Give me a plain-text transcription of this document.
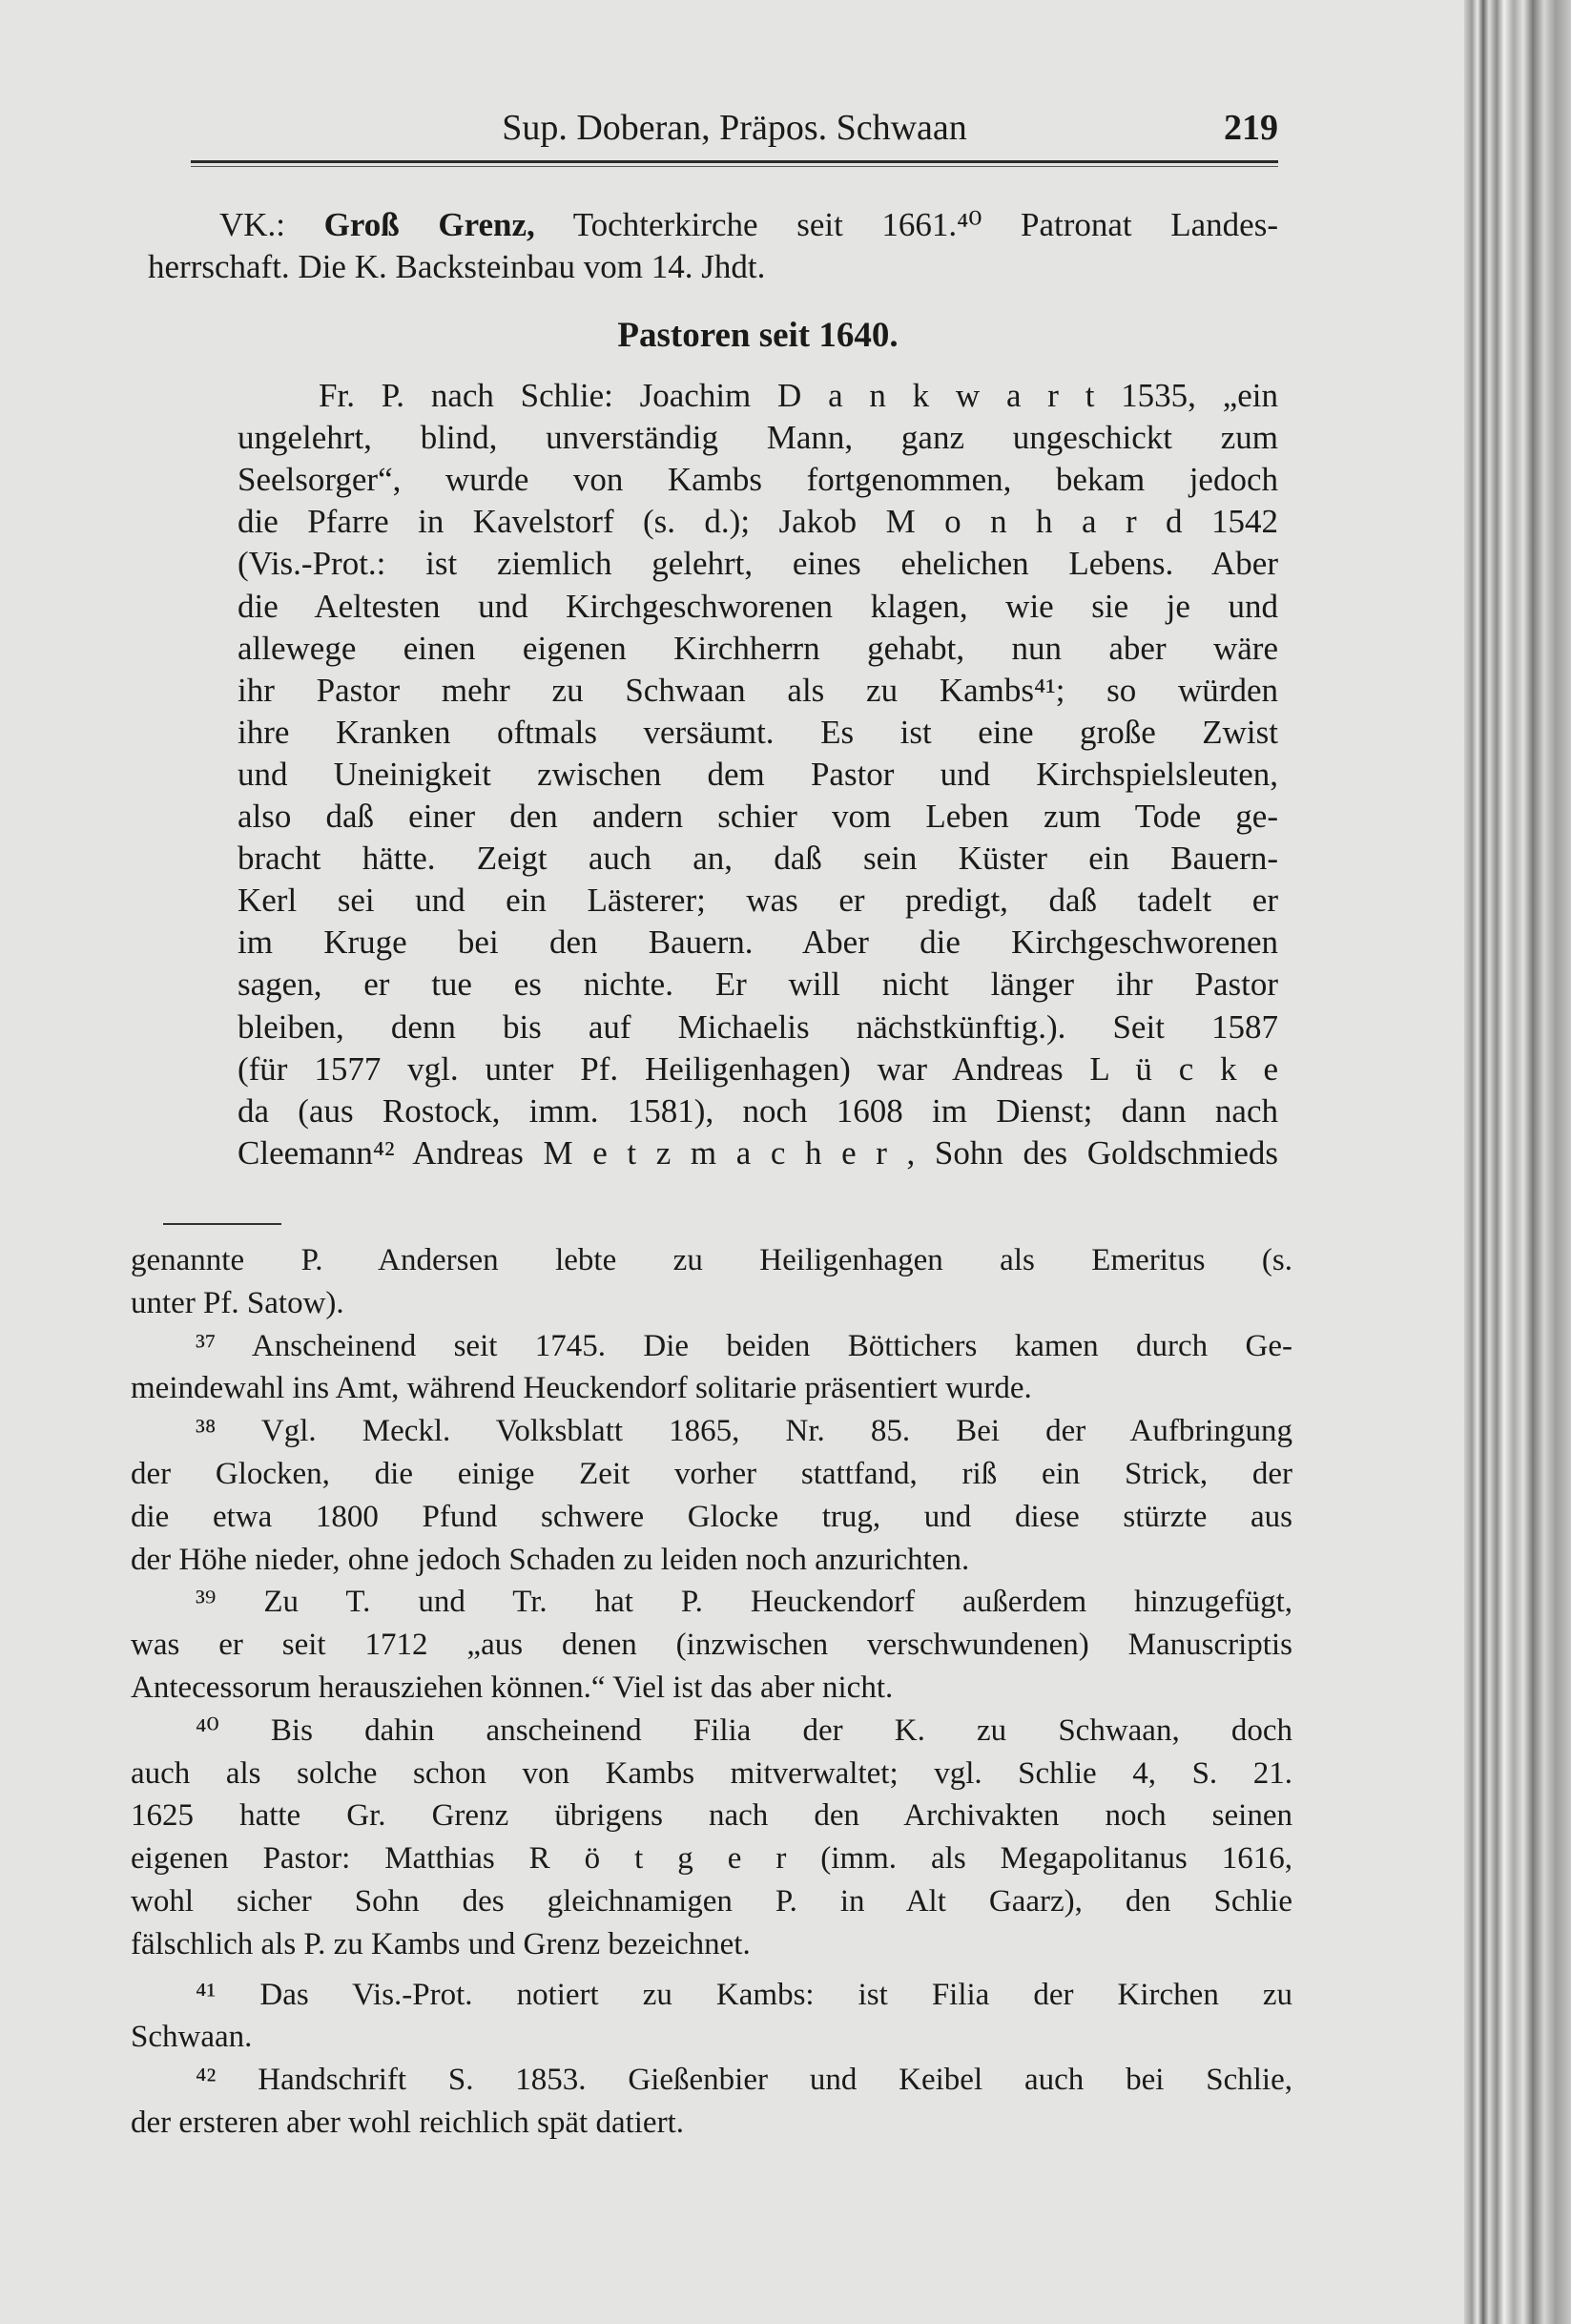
Sup. Doberan, Präpos. Schwaan	219
VK.: Groß Grenz, Tochterkirche seit 1661.⁴⁰ Patronat Landes-
herrschaft. Die K. Backsteinbau vom 14. Jhdt.
Pastoren seit 1640.
Fr. P. nach Schlie: Joachim D a n k w a r t 1535, „ein
ungelehrt, blind, unverständig Mann, ganz ungeschickt zum
Seelsorger“, wurde von Kambs fortgenommen, bekam jedoch
die Pfarre in Kavelstorf (s. d.); Jakob M o n h a r d 1542
(Vis.-Prot.: ist ziemlich gelehrt, eines ehelichen Lebens. Aber
die Aeltesten und Kirchgeschworenen klagen, wie sie je und
allewege einen eigenen Kirchherrn gehabt, nun aber wäre
ihr Pastor mehr zu Schwaan als zu Kambs⁴¹; so würden
ihre Kranken oftmals versäumt. Es ist eine große Zwist
und Uneinigkeit zwischen dem Pastor und Kirchspielsleuten,
also daß einer den andern schier vom Leben zum Tode ge-
bracht hätte. Zeigt auch an, daß sein Küster ein Bauern-
Kerl sei und ein Lästerer; was er predigt, daß tadelt er
im Kruge bei den Bauern. Aber die Kirchgeschworenen
sagen, er tue es nichte. Er will nicht länger ihr Pastor
bleiben, denn bis auf Michaelis nächstkünftig.). Seit 1587
(für 1577 vgl. unter Pf. Heiligenhagen) war Andreas L ü c k e
da (aus Rostock, imm. 1581), noch 1608 im Dienst; dann nach
Cleemann⁴² Andreas M e t z m a c h e r , Sohn des Goldschmieds
genannte P. Andersen lebte zu Heiligenhagen als Emeritus (s.
unter Pf. Satow).
³⁷ Anscheinend seit 1745. Die beiden Böttichers kamen durch Ge-
meindewahl ins Amt, während Heuckendorf solitarie präsentiert wurde.
³⁸ Vgl. Meckl. Volksblatt 1865, Nr. 85. Bei der Aufbringung
der Glocken, die einige Zeit vorher stattfand, riß ein Strick, der
die etwa 1800 Pfund schwere Glocke trug, und diese stürzte aus
der Höhe nieder, ohne jedoch Schaden zu leiden noch anzurichten.
³⁹ Zu T. und Tr. hat P. Heuckendorf außerdem hinzugefügt,
was er seit 1712 „aus denen (inzwischen verschwundenen) Manuscriptis
Antecessorum herausziehen können.“ Viel ist das aber nicht.
⁴⁰ Bis dahin anscheinend Filia der K. zu Schwaan, doch
auch als solche schon von Kambs mitverwaltet; vgl. Schlie 4, S. 21.
1625 hatte Gr. Grenz übrigens nach den Archivakten noch seinen
eigenen Pastor: Matthias R ö t g e r (imm. als Megapolitanus 1616,
wohl sicher Sohn des gleichnamigen P. in Alt Gaarz), den Schlie
fälschlich als P. zu Kambs und Grenz bezeichnet.
⁴¹ Das Vis.-Prot. notiert zu Kambs: ist Filia der Kirchen zu
Schwaan.
⁴² Handschrift S. 1853. Gießenbier und Keibel auch bei Schlie,
der ersteren aber wohl reichlich spät datiert.
